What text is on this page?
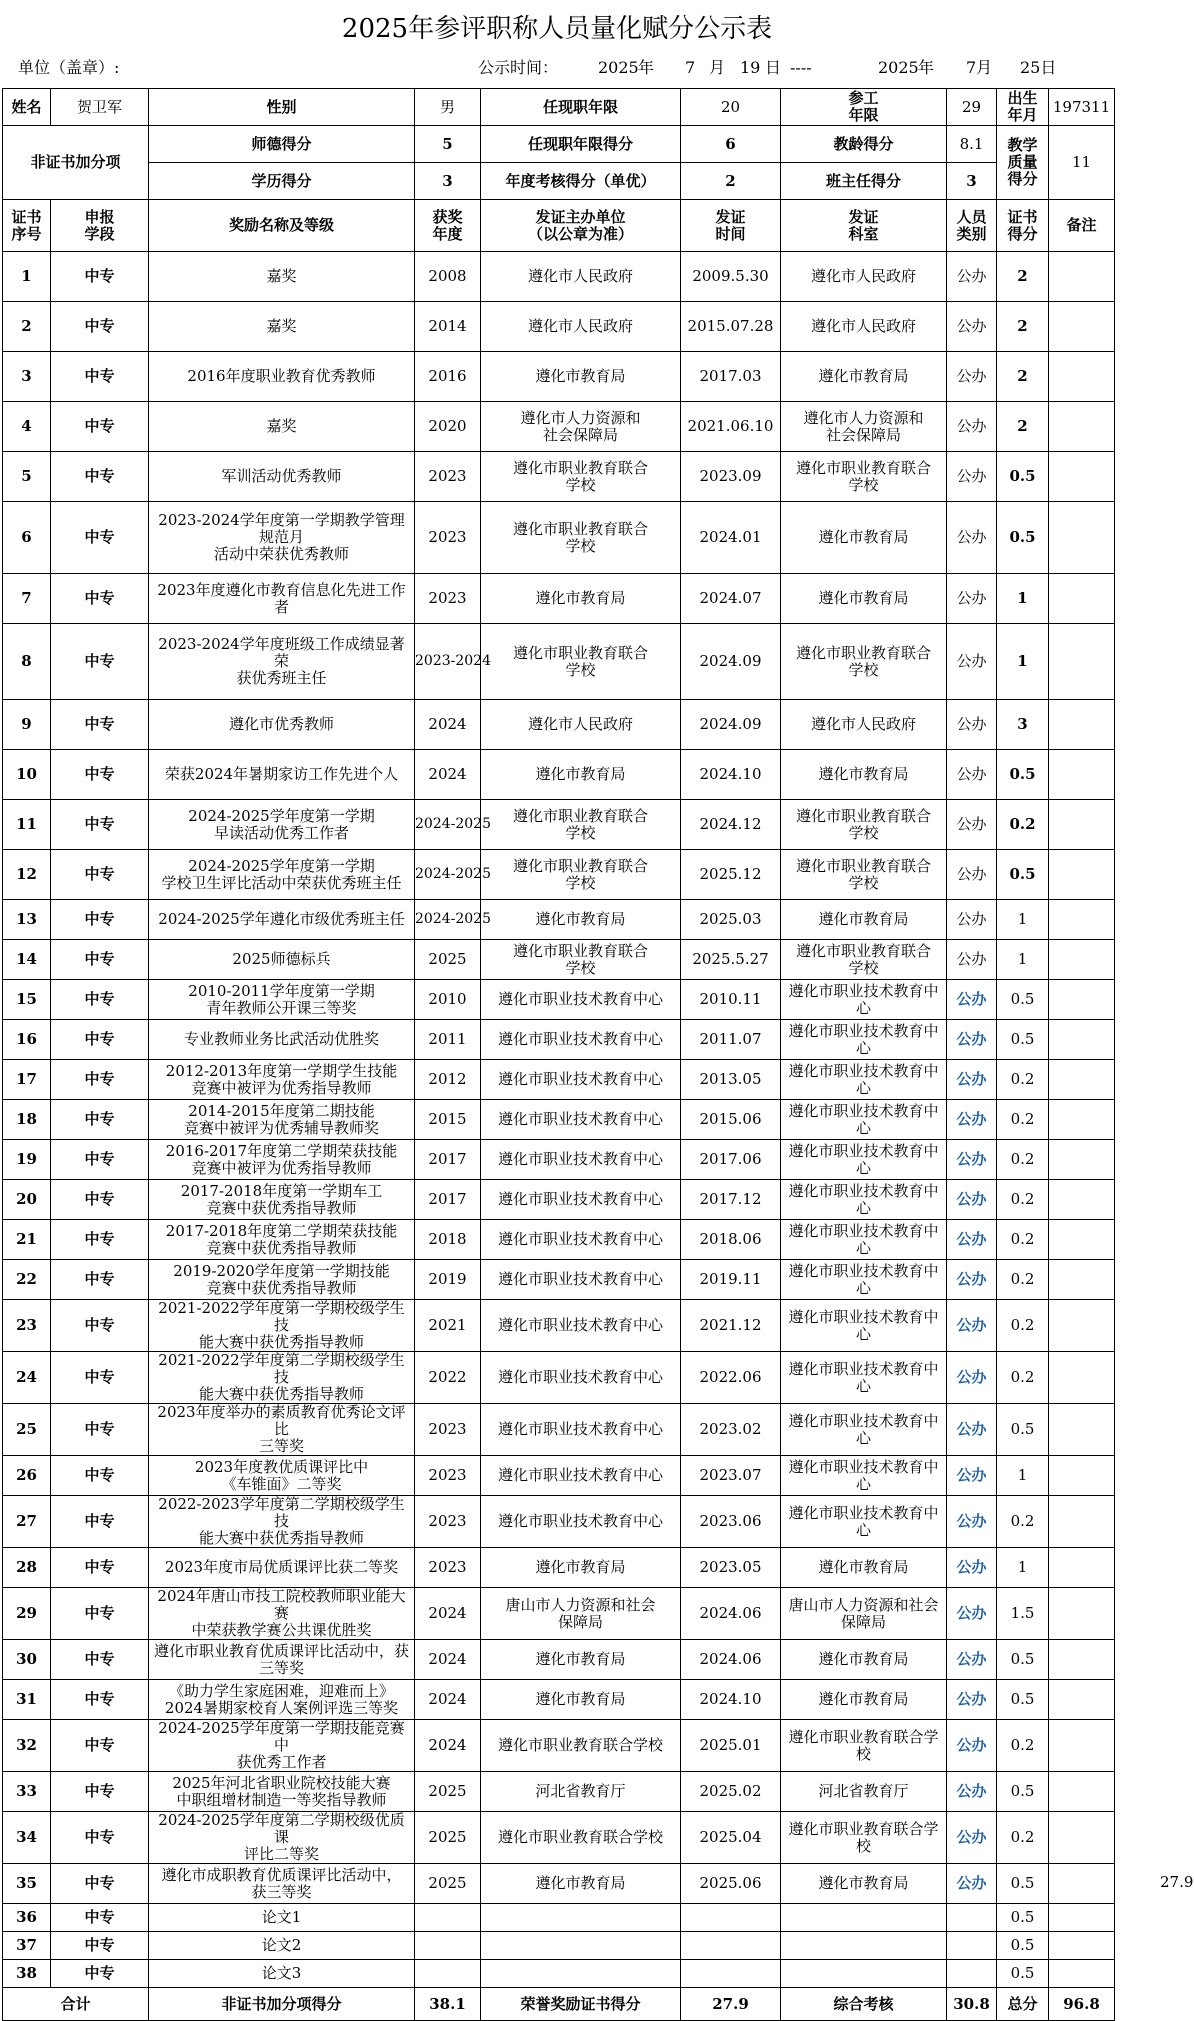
2025年参评职称人员量化赋分公示表
单位（盖章）:	公示时间： 2025 年 7 月 19 日 ----	2025 年 7月 25日
姓名	贺卫军	性别	男	任现职年限	20	参工
年限	29	出生
年月	197311
非证书加分项		师德得分	5	任现职年限得分	6	教龄得分	8.1	教学
质量
得分	11
		学历得分	3	年度考核得分（单优）	2	班主任得分	3		
证书
序号	申报
学段	奖励名称及等级	获奖
年度	发证主办单位
（以公章为准）	发证
时间	发证
科室	人员
类别	证书
得分	备注
1	中专	嘉奖	2008	遵化市人民政府	2009.5.30	遵化市人民政府	公办	2	
2	中专	嘉奖	2014	遵化市人民政府	2015.07.28	遵化市人民政府	公办	2	
3	中专	2016年度职业教育优秀教师	2016	遵化市教育局	2017.03	遵化市教育局	公办	2	
4	中专	嘉奖	2020	遵化市人力资源和
社会保障局	2021.06.10	遵化市人力资源和
社会保障局	公办	2	
5	中专	军训活动优秀教师	2023	遵化市职业教育联合
学校	2023.09	遵化市职业教育联合
学校	公办	0.5	
6	中专	2023-2024学年度第一学期教学管理规范月
活动中荣获优秀教师	2023	遵化市职业教育联合
学校	2024.01	遵化市教育局	公办	0.5	
7	中专	2023年度遵化市教育信息化先进工作者	2023	遵化市教育局	2024.07	遵化市教育局	公办	1	
8	中专	2023-2024学年度班级工作成绩显著荣
获优秀班主任	2023-2024	遵化市职业教育联合
学校	2024.09	遵化市职业教育联合
学校	公办	1	
9	中专	遵化市优秀教师	2024	遵化市人民政府	2024.09	遵化市人民政府	公办	3	
10	中专	荣获2024年暑期家访工作先进个人	2024	遵化市教育局	2024.10	遵化市教育局	公办	0.5	
11	中专	2024-2025学年度第一学期
早读活动优秀工作者	2024-2025	遵化市职业教育联合
学校	2024.12	遵化市职业教育联合
学校	公办	0.2	
12	中专	2024-2025学年度第一学期
学校卫生评比活动中荣获优秀班主任	2024-2025	遵化市职业教育联合
学校	2025.12	遵化市职业教育联合
学校	公办	0.5	
13	中专	2024-2025学年遵化市级优秀班主任	2024-2025	遵化市教育局	2025.03	遵化市教育局	公办	1	
14	中专	2025师德标兵	2025	遵化市职业教育联合
学校	2025.5.27	遵化市职业教育联合
学校	公办	1	
15	中专	2010-2011学年度第一学期
青年教师公开课三等奖	2010	遵化市职业技术教育中心	2010.11	遵化市职业技术教育中
心	公办	0.5	
16	中专	专业教师业务比武活动优胜奖	2011	遵化市职业技术教育中心	2011.07	遵化市职业技术教育中
心	公办	0.5	
17	中专	2012-2013年度第一学期学生技能
竞赛中被评为优秀指导教师	2012	遵化市职业技术教育中心	2013.05	遵化市职业技术教育中
心	公办	0.2	
18	中专	2014-2015年度第二期技能
竞赛中被评为优秀辅导教师奖	2015	遵化市职业技术教育中心	2015.06	遵化市职业技术教育中
心	公办	0.2	
19	中专	2016-2017年度第二学期荣获技能
竞赛中被评为优秀指导教师	2017	遵化市职业技术教育中心	2017.06	遵化市职业技术教育中
心	公办	0.2	
20	中专	2017-2018年度第一学期车工
竞赛中获优秀指导教师	2017	遵化市职业技术教育中心	2017.12	遵化市职业技术教育中
心	公办	0.2	
21	中专	2017-2018年度第二学期荣获技能
竞赛中获优秀指导教师	2018	遵化市职业技术教育中心	2018.06	遵化市职业技术教育中
心	公办	0.2	
22	中专	2019-2020学年度第一学期技能
竞赛中获优秀指导教师	2019	遵化市职业技术教育中心	2019.11	遵化市职业技术教育中
心	公办	0.2	
23	中专	2021-2022学年度第一学期校级学生技
能大赛中获优秀指导教师	2021	遵化市职业技术教育中心	2021.12	遵化市职业技术教育中
心	公办	0.2	
24	中专	2021-2022学年度第二学期校级学生技
能大赛中获优秀指导教师	2022	遵化市职业技术教育中心	2022.06	遵化市职业技术教育中
心	公办	0.2	
25	中专	2023年度举办的素质教育优秀论文评比
三等奖	2023	遵化市职业技术教育中心	2023.02	遵化市职业技术教育中
心	公办	0.5	
26	中专	2023年度教优质课评比中
《车锥面》二等奖	2023	遵化市职业技术教育中心	2023.07	遵化市职业技术教育中
心	公办	1	
27	中专	2022-2023学年度第二学期校级学生技
能大赛中获优秀指导教师	2023	遵化市职业技术教育中心	2023.06	遵化市职业技术教育中
心	公办	0.2	
28	中专	2023年度市局优质课评比获二等奖	2023	遵化市教育局	2023.05	遵化市教育局	公办	1	
29	中专	2024年唐山市技工院校教师职业能大赛
中荣获教学赛公共课优胜奖	2024	唐山市人力资源和社会
保障局	2024.06	唐山市人力资源和社会
保障局	公办	1.5	
30	中专	遵化市职业教育优质课评比活动中，获
三等奖	2024	遵化市教育局	2024.06	遵化市教育局	公办	0.5	
31	中专	《助力学生家庭困难，迎难而上》
2024暑期家校育人案例评选三等奖	2024	遵化市教育局	2024.10	遵化市教育局	公办	0.5	
32	中专	2024-2025学年度第一学期技能竞赛中
获优秀工作者	2024	遵化市职业教育联合学校	2025.01	遵化市职业教育联合学
校	公办	0.2	
33	中专	2025年河北省职业院校技能大赛
中职组增材制造一等奖指导教师	2025	河北省教育厅	2025.02	河北省教育厅	公办	0.5	
34	中专	2024-2025学年度第二学期校级优质课
评比二等奖	2025	遵化市职业教育联合学校	2025.04	遵化市职业教育联合学
校	公办	0.2	
35	中专	遵化市成职教育优质课评比活动中，
获三等奖	2025	遵化市教育局	2025.06	遵化市教育局	公办	0.5	
36	中专	论文1						0.5	
37	中专	论文2						0.5	
38	中专	论文3						0.5	
合计		非证书加分项得分	38.1	荣誉奖励证书得分	27.9	综合考核	30.8	总分	96.8
27.9
